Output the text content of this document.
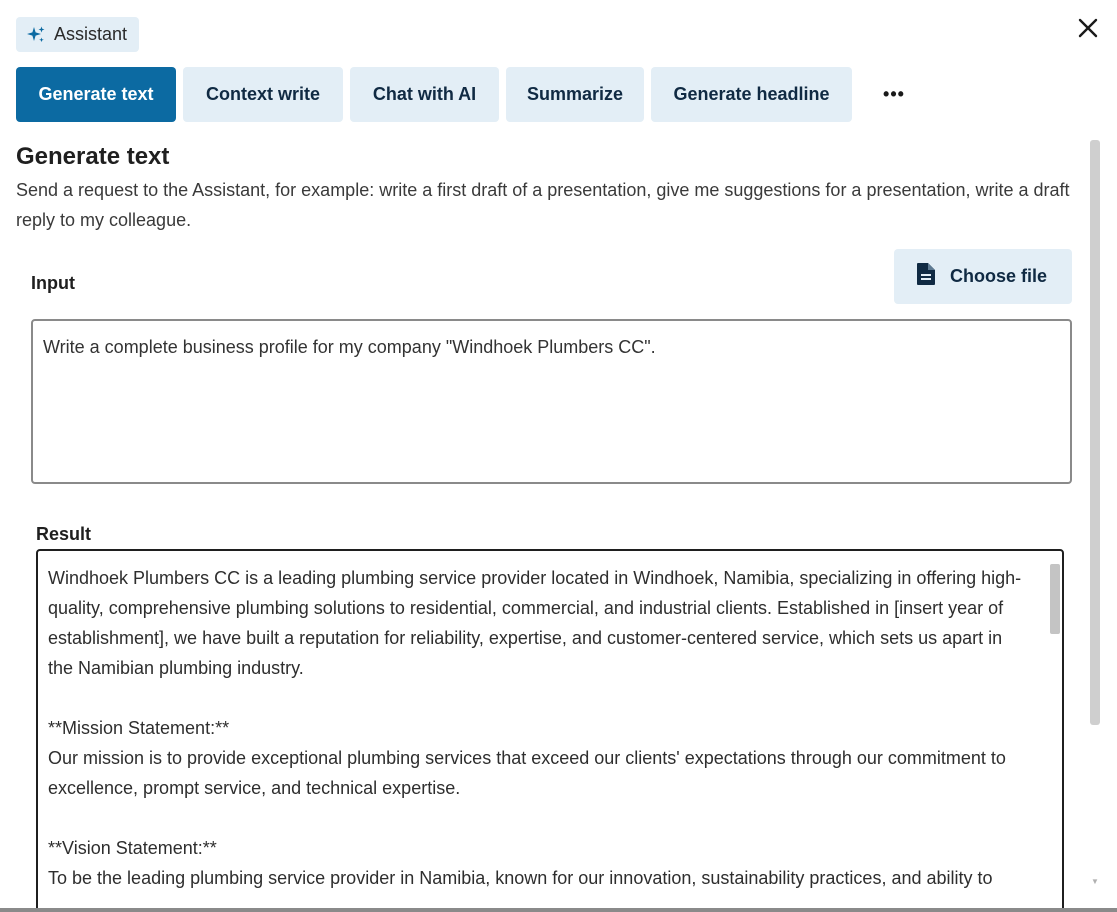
Assistant
Generate text	Context write	Chat with AI	Summarize	Generate headline	•••
Generate text
Send a request to the Assistant, for example: write a first draft of a presentation, give me suggestions for a presentation, write a draft reply to my colleague.
Input	Choose file
Write a complete business profile for my company "Windhoek Plumbers CC".
Result

Windhoek Plumbers CC is a leading plumbing service provider located in Windhoek, Namibia, specializing in offering high-quality, comprehensive plumbing solutions to residential, commercial, and industrial clients. Established in [insert year of establishment], we have built a reputation for reliability, expertise, and customer-centered service, which sets us apart in the Namibian plumbing industry.

**Mission Statement:**

Our mission is to provide exceptional plumbing services that exceed our clients' expectations through our commitment to excellence, prompt service, and technical expertise.

**Vision Statement:**

To be the leading plumbing service provider in Namibia, known for our innovation, sustainability practices, and ability to	▼
